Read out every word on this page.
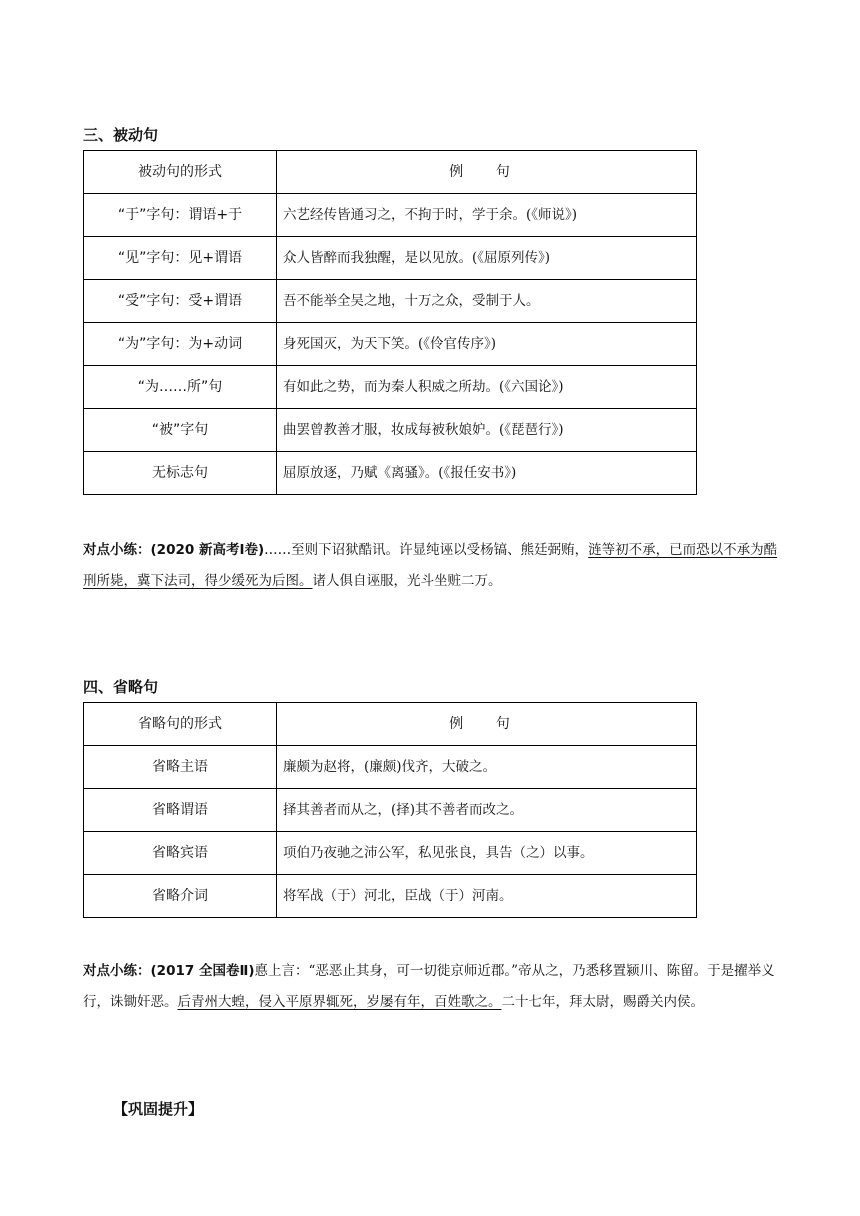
三、被动句
被动句的形式	例 句
“于”字句：谓语+于	六艺经传皆通习之，不拘于时，学于余。(《师说》)
“见”字句：见+谓语	众人皆醉而我独醒，是以见放。(《屈原列传》)
“受”字句：受+谓语	吾不能举全吴之地，十万之众，受制于人。
“为”字句：为+动词	身死国灭，为天下笑。(《伶官传序》)
“为……所”句	有如此之势，而为秦人积威之所劫。(《六国论》)
“被”字句	曲罢曾教善才服，妆成每被秋娘妒。(《琵琶行》)
无标志句	屈原放逐，乃赋《离骚》。(《报任安书》)
对点小练：(2020 新高考Ⅰ卷)……至则下诏狱酷讯。许显纯诬以受杨镐、熊廷弼贿，涟等初不承，已而恐以不承为酷刑所毙，冀下法司，得少缓死为后图。诸人俱自诬服，光斗坐赃二万。
四、省略句
省略句的形式	例 句
省略主语	廉颇为赵将，(廉颇)伐齐，大破之。
省略谓语	择其善者而从之，(择)其不善者而改之。
省略宾语	项伯乃夜驰之沛公军，私见张良，具告（之）以事。
省略介词	将军战（于）河北，臣战（于）河南。
对点小练：(2017 全国卷Ⅱ)悳上言：“恶恶止其身，可一切徙京师近郡。”帝从之，乃悉移置颍川、陈留。于是擢举义行，诛锄奸恶。后青州大蝗，侵入平原界辄死，岁屡有年，百姓歌之。二十七年，拜太尉，赐爵关内侯。
【巩固提升】
